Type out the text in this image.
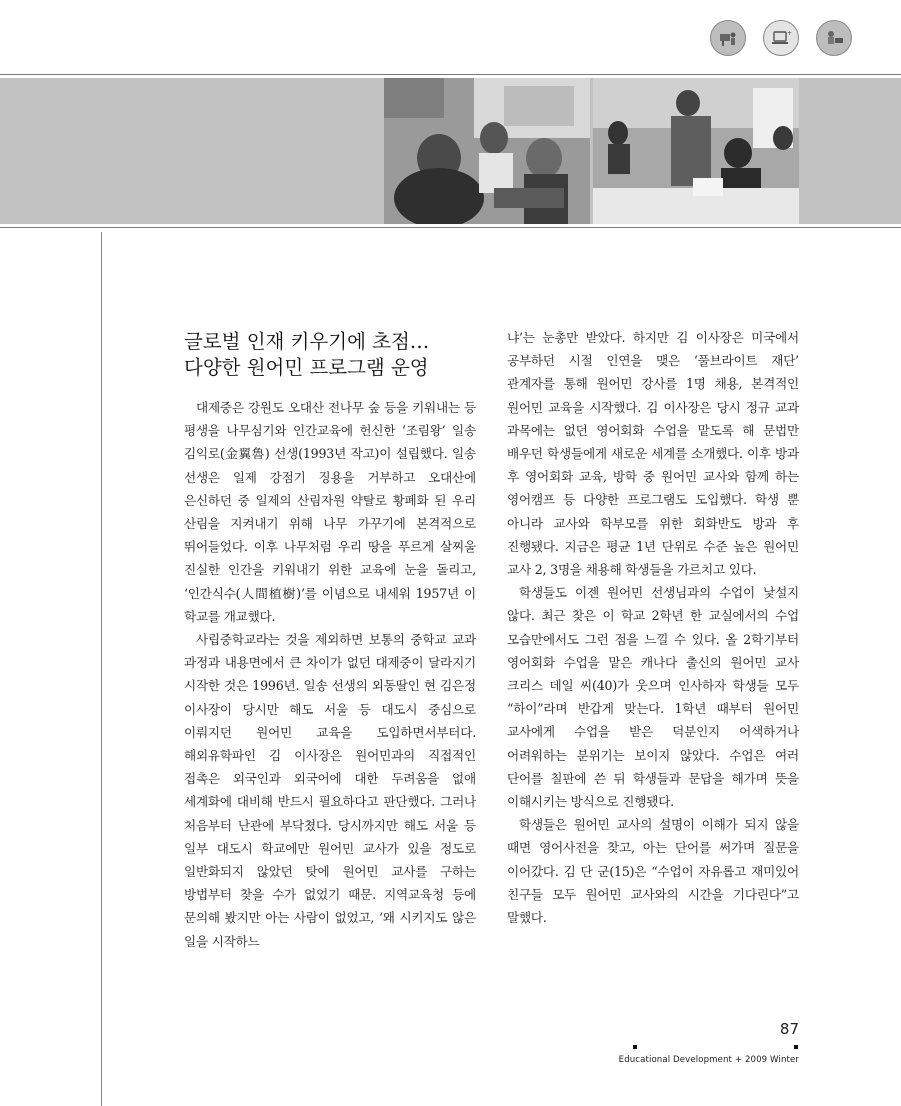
+
글로벌 인재 키우기에 초점…
다양한 원어민 프로그램 운영

대제중은 강원도 오대산 전나무 숲 등을 키워내는 등 평생을 나무심기와 인간교육에 헌신한 ‘조림왕’ 일송 김익로(金翼魯) 선생(1993년 작고)이 설립했다. 일송 선생은 일제 강점기 징용을 거부하고 오대산에 은신하던 중 일제의 산림자원 약탈로 황폐화 된 우리 산림을 지켜내기 위해 나무 가꾸기에 본격적으로 뛰어들었다. 이후 나무처럼 우리 땅을 푸르게 살찌울 진실한 인간을 키워내기 위한 교육에 눈을 돌리고, ‘인간식수(人間植樹)’를 이념으로 내세워 1957년 이 학교를 개교했다.

사립중학교라는 것을 제외하면 보통의 중학교 교과 과정과 내용면에서 큰 차이가 없던 대제중이 달라지기 시작한 것은 1996년. 일송 선생의 외동딸인 현 김은정 이사장이 당시만 해도 서울 등 대도시 중심으로 이뤄지던 원어민 교육을 도입하면서부터다. 해외유학파인 김 이사장은 원어민과의 직접적인 접촉은 외국인과 외국어에 대한 두려움을 없애 세계화에 대비해 반드시 필요하다고 판단했다. 그러나 처음부터 난관에 부닥쳤다. 당시까지만 해도 서울 등 일부 대도시 학교에만 원어민 교사가 있을 정도로 일반화되지 않았던 탓에 원어민 교사를 구하는 방법부터 찾을 수가 없었기 때문. 지역교육청 등에 문의해 봤지만 아는 사람이 없었고, ‘왜 시키지도 않은 일을 시작하느

냐’는 눈총만 받았다. 하지만 김 이사장은 미국에서 공부하던 시절 인연을 맺은 ‘풀브라이트 재단’ 관계자를 통해 원어민 강사를 1명 채용, 본격적인 원어민 교육을 시작했다. 김 이사장은 당시 정규 교과 과목에는 없던 영어회화 수업을 맡도록 해 문법만 배우던 학생들에게 새로운 세계를 소개했다. 이후 방과 후 영어회화 교육, 방학 중 원어민 교사와 함께 하는 영어캠프 등 다양한 프로그램도 도입했다. 학생 뿐 아니라 교사와 학부모를 위한 회화반도 방과 후 진행됐다. 지금은 평균 1년 단위로 수준 높은 원어민 교사 2, 3명을 채용해 학생들을 가르치고 있다.

학생들도 이젠 원어민 선생님과의 수업이 낯설지 않다. 최근 찾은 이 학교 2학년 한 교실에서의 수업 모습만에서도 그런 점을 느낄 수 있다. 올 2학기부터 영어회화 수업을 맡은 캐나다 출신의 원어민 교사 크리스 데일 씨(40)가 웃으며 인사하자 학생들 모두 “하이”라며 반갑게 맞는다. 1학년 때부터 원어민 교사에게 수업을 받은 덕분인지 어색하거나 어려워하는 분위기는 보이지 않았다. 수업은 여러 단어를 칠판에 쓴 뒤 학생들과 문답을 해가며 뜻을 이해시키는 방식으로 진행됐다.

학생들은 원어민 교사의 설명이 이해가 되지 않을 때면 영어사전을 찾고, 아는 단어를 써가며 질문을 이어갔다. 김 단 군(15)은 “수업이 자유롭고 재미있어 친구들 모두 원어민 교사와의 시간을 기다린다”고 말했다.

87
Educational Development + 2009 Winter
